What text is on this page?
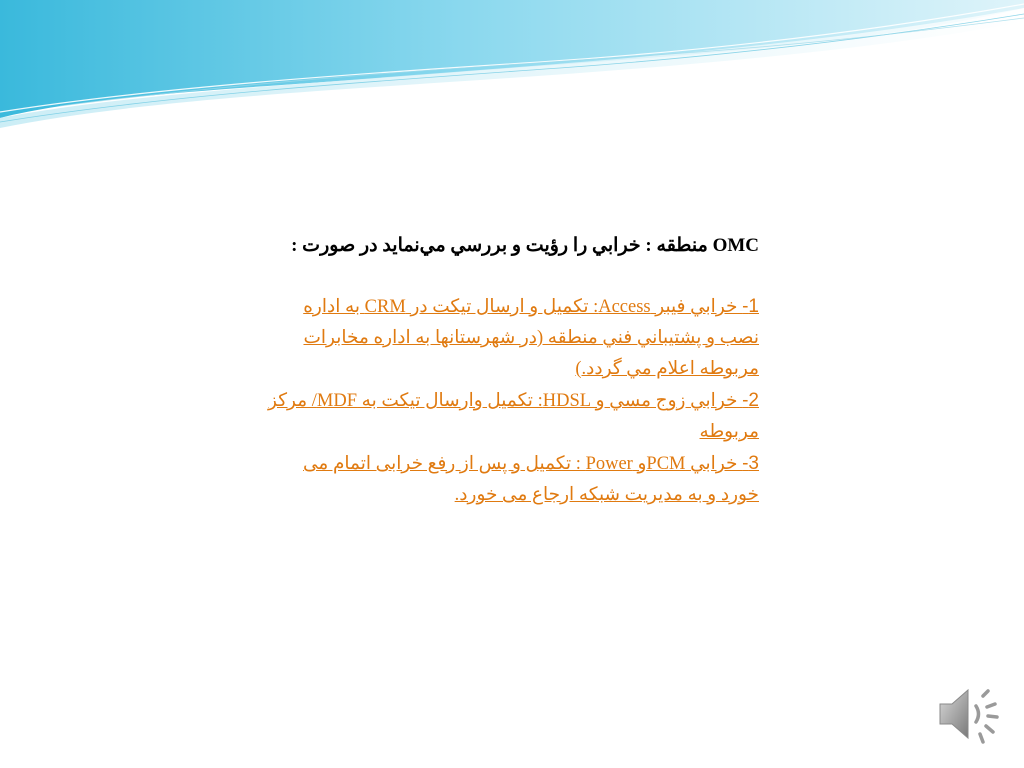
OMC منطقه : خرابي را رؤيت و بررسي مي‌نمايد در صورت :

1- خرابي فيبر Access: تكميل و ارسال تيكت در CRM به اداره نصب و پشتيباني فني منطقه (در شهرستانها به اداره مخابرات مربوطه اعلام مي گردد.)

2- خرابي زوج مسي و HDSL: تكميل وارسال تيكت به MDF/ مركز مربوطه

3- خرابي PCMو Power : تکمیل و پس از رفع خرابی اتمام می خورد و به مدیریت شبکه ارجاع می خورد.
